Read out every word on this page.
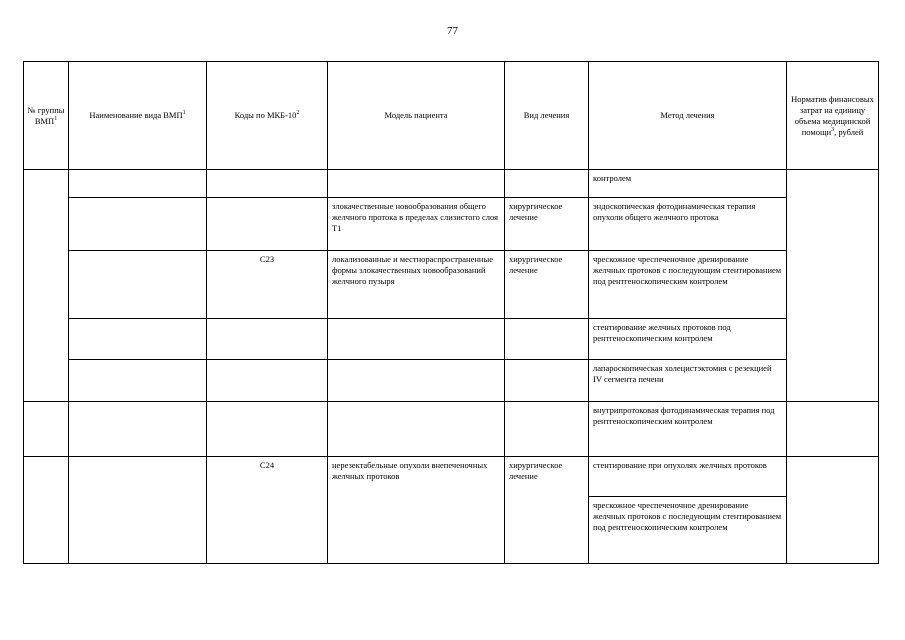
77
№ группы ВМП$^1$	Наименование вида ВМП$^1$	Коды по МКБ-$10^2$	Модель пациента	Вид лечения	Метод лечения	Норматив финансовых затрат на единицу объема медицинской помощи$^3$, рублей
					контролем	
			злокачественные новообразования общего желчного протока в пределах слизистого слоя T1	хирургическое лечение	эндоскопическая фотодинамическая терапия опухоли общего желчного протока	
		C23	локализованные и местнораспространенные формы злокачественных новообразований желчного пузыря	хирургическое лечение	чрескожное чреспеченочное дренирование желчных протоков с последующим стентированием под рентгеноскопическим контролем	
					стентирование желчных протоков под рентгеноскопическим контролем	
					лапароскопическая холецистэктомия с резекцией IV сегмента печени	
					внутрипротоковая фотодинамическая терапия под рентгеноскопическим контролем	
		C24	нерезектабельные опухоли внепеченочных желчных протоков	хирургическое лечение	стентирование при опухолях желчных протоков	
					чрескожное чреспеченочное дренирование желчных протоков с последующим стентированием под рентгеноскопическим контролем	
